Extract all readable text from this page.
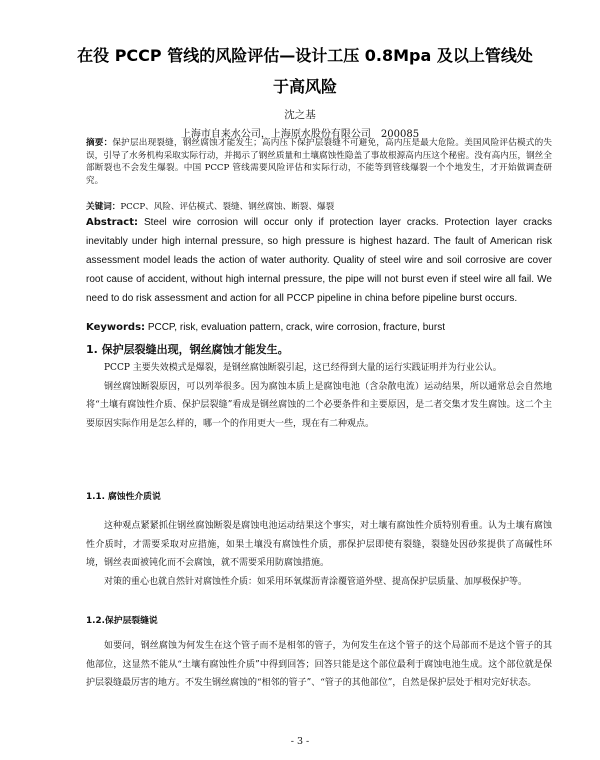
在役 PCCP 管线的风险评估—设计工压 0.8Mpa 及以上管线处于高风险
沈之基
上海市自来水公司，上海原水股份有限公司　200085
摘要：保护层出现裂缝，钢丝腐蚀才能发生；高内压下保护层裂缝不可避免，高内压是最大危险。美国风险评估模式的失误，引导了水务机构采取实际行动，并揭示了钢丝质量和土壤腐蚀性隐盖了事故根源高内压这个秘密。没有高内压，钢丝全部断裂也不会发生爆裂。中国 PCCP 管线需要风险评估和实际行动，不能等到管线爆裂一个个地发生，才开始做调查研究。
关键词：PCCP、风险、评估模式、裂缝、钢丝腐蚀、断裂、爆裂
Abstract: Steel wire corrosion will occur only if protection layer cracks. Protection layer cracks inevitably under high internal pressure, so high pressure is highest hazard. The fault of American risk assessment model leads the action of water authority. Quality of steel wire and soil corrosive are cover root cause of accident, without high internal pressure, the pipe will not burst even if steel wire all fail. We need to do risk assessment and action for all PCCP pipeline in china before pipeline burst occurs.
Keywords: PCCP, risk, evaluation pattern, crack, wire corrosion, fracture, burst
1. 保护层裂缝出现，钢丝腐蚀才能发生。

PCCP 主要失效模式是爆裂，是钢丝腐蚀断裂引起，这已经得到大量的运行实践证明并为行业公认。

钢丝腐蚀断裂原因，可以列举很多。因为腐蚀本质上是腐蚀电池（含杂散电流）运动结果，所以通常总会自然地将“土壤有腐蚀性介质、保护层裂缝”看成是钢丝腐蚀的二个必要条件和主要原因，是二者交集才发生腐蚀。这二个主要原因实际作用是怎么样的，哪一个的作用更大一些，现在有二种观点。

1.1. 腐蚀性介质说

这种观点紧紧抓住钢丝腐蚀断裂是腐蚀电池运动结果这个事实，对土壤有腐蚀性介质特别看重。认为土壤有腐蚀性介质时，才需要采取对应措施，如果土壤没有腐蚀性介质，那保护层即使有裂缝，裂缝处因砂浆提供了高碱性环境，钢丝表面被钝化而不会腐蚀，就不需要采用防腐蚀措施。

对策的重心也就自然针对腐蚀性介质：如采用环氧煤沥青涂覆管道外壁、提高保护层质量、加厚极保护等。

1.2.保护层裂缝说

如要问，钢丝腐蚀为何发生在这个管子而不是相邻的管子，为何发生在这个管子的这个局部而不是这个管子的其他部位，这显然不能从“土壤有腐蚀性介质”中得到回答；回答只能是这个部位最利于腐蚀电池生成。这个部位就是保护层裂缝最厉害的地方。不发生钢丝腐蚀的“相邻的管子”、“管子的其他部位”，自然是保护层处于相对完好状态。

- 3 -
